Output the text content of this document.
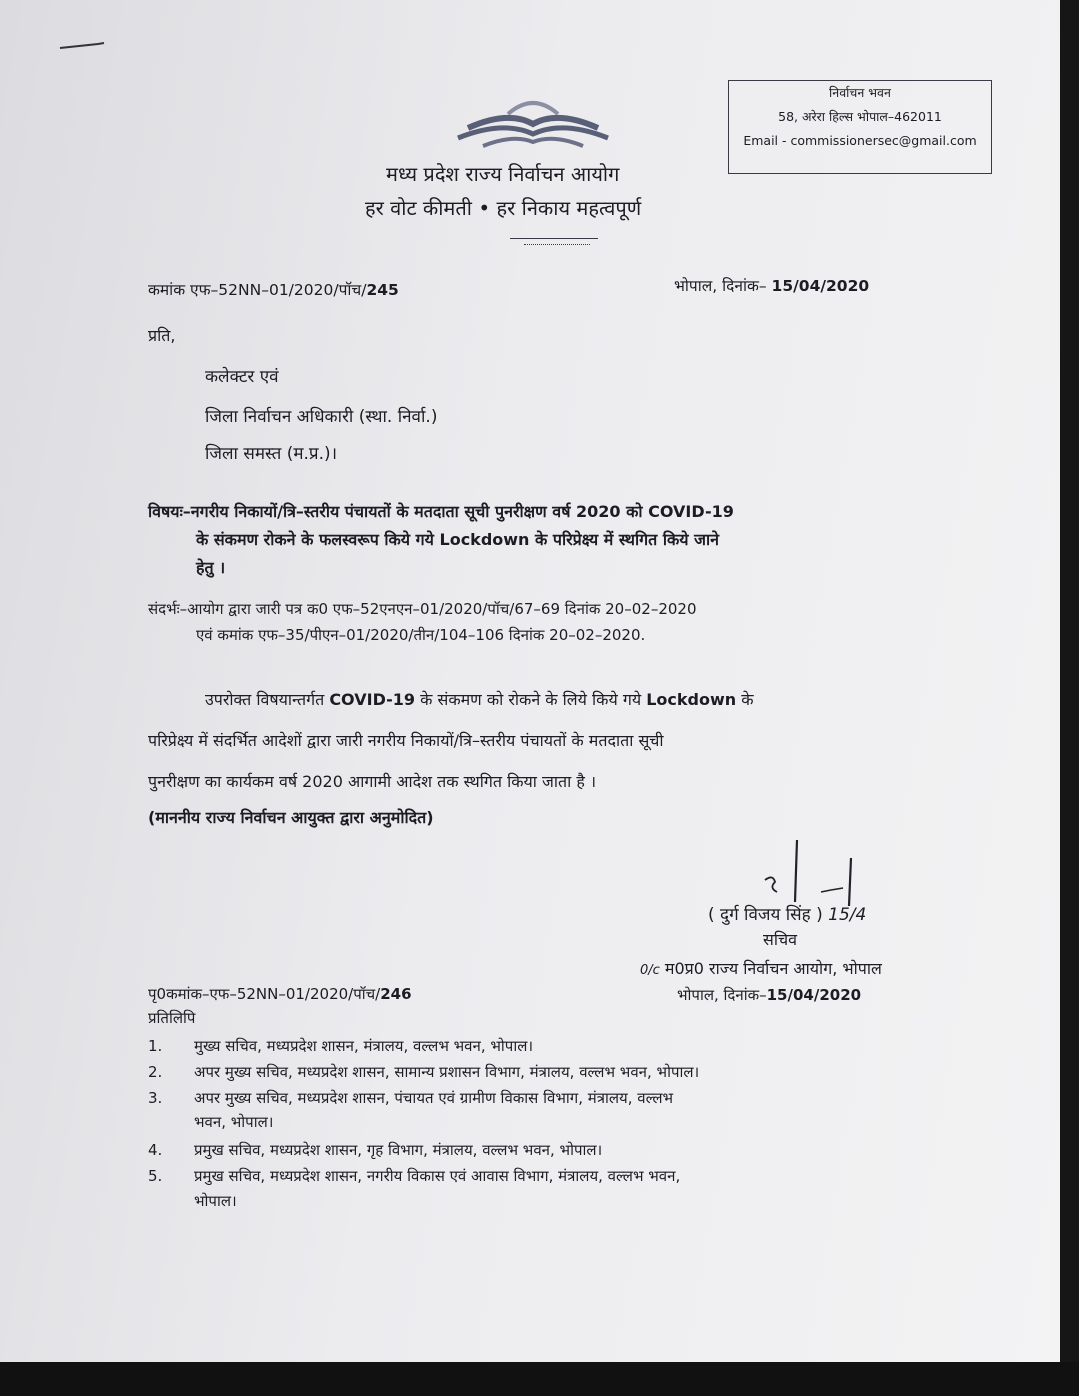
निर्वाचन भवन
58, अरेरा हिल्स भोपाल–462011
Email - commissionersec@gmail.com
मध्य प्रदेश राज्य निर्वाचन आयोग
हर वोट कीमती • हर निकाय महत्वपूर्ण
कमांक एफ–52NN–01/2020/पॉच/245	भोपाल, दिनांक– 15/04/2020
प्रति,
कलेक्टर एवं
जिला निर्वाचन अधिकारी (स्था. निर्वा.)
जिला समस्त (म.प्र.)।
विषयः–नगरीय निकायों/त्रि–स्तरीय पंचायतों के मतदाता सूची पुनरीक्षण वर्ष 2020 को COVID-19
के संकमण रोकने के फलस्वरूप किये गये Lockdown के परिप्रेक्ष्य में स्थगित किये जाने
हेतु ।
संदर्भः–आयोग द्वारा जारी पत्र क0 एफ–52एनएन–01/2020/पॉच/67–69 दिनांक 20–02–2020
एवं कमांक एफ–35/पीएन–01/2020/तीन/104–106 दिनांक 20–02–2020.
उपरोक्त विषयान्तर्गत COVID-19 के संकमण को रोकने के लिये किये गये Lockdown के
परिप्रेक्ष्य में संदर्भित आदेशों द्वारा जारी नगरीय निकायों/त्रि–स्तरीय पंचायतों के मतदाता सूची
पुनरीक्षण का कार्यकम वर्ष 2020 आगामी आदेश तक स्थगित किया जाता है ।
(माननीय राज्य निर्वाचन आयुक्त द्वारा अनुमोदित)
( दुर्ग विजय सिंह ) 15/4
सचिव
0/c म0प्र0 राज्य निर्वाचन आयोग, भोपाल
पृ0कमांक–एफ–52NN–01/2020/पॉच/246	भोपाल, दिनांक–15/04/2020
प्रतिलिपि
1. मुख्य सचिव, मध्यप्रदेश शासन, मंत्रालय, वल्लभ भवन, भोपाल।
2. अपर मुख्य सचिव, मध्यप्रदेश शासन, सामान्य प्रशासन विभाग, मंत्रालय, वल्लभ भवन, भोपाल।
3. अपर मुख्य सचिव, मध्यप्रदेश शासन, पंचायत एवं ग्रामीण विकास विभाग, मंत्रालय, वल्लभ
भवन, भोपाल।
4. प्रमुख सचिव, मध्यप्रदेश शासन, गृह विभाग, मंत्रालय, वल्लभ भवन, भोपाल।
5. प्रमुख सचिव, मध्यप्रदेश शासन, नगरीय विकास एवं आवास विभाग, मंत्रालय, वल्लभ भवन,
भोपाल।
